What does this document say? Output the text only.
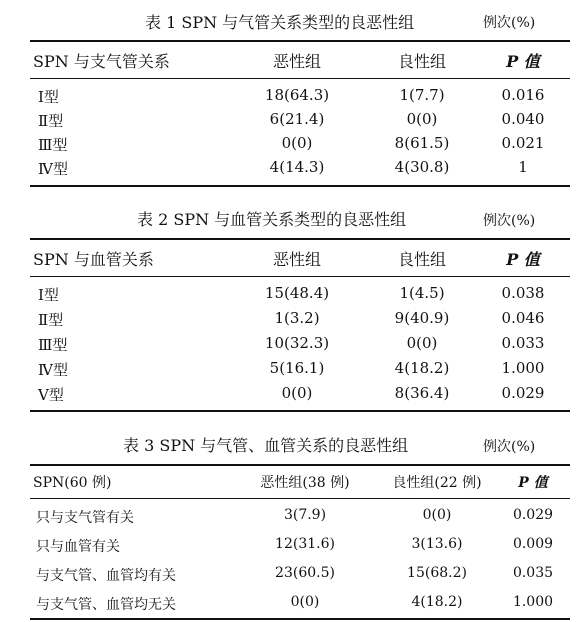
表 1 SPN 与气管关系类型的良恶性组	例次(%)
SPN 与支气管关系	恶性组	良性组	P 值
Ⅰ型	18(64.3)	1(7.7)	0.016
Ⅱ型	6(21.4)	0(0)	0.040
Ⅲ型	0(0)	8(61.5)	0.021
Ⅳ型	4(14.3)	4(30.8)	1
表 2 SPN 与血管关系类型的良恶性组	例次(%)
SPN 与血管关系	恶性组	良性组	P 值
Ⅰ型	15(48.4)	1(4.5)	0.038
Ⅱ型	1(3.2)	9(40.9)	0.046
Ⅲ型	10(32.3)	0(0)	0.033
Ⅳ型	5(16.1)	4(18.2)	1.000
Ⅴ型	0(0)	8(36.4)	0.029
表 3 SPN 与气管、血管关系的良恶性组	例次(%)
SPN(60 例)	恶性组(38 例)	良性组(22 例)	P 值
只与支气管有关	3(7.9)	0(0)	0.029
只与血管有关	12(31.6)	3(13.6)	0.009
与支气管、血管均有关	23(60.5)	15(68.2)	0.035
与支气管、血管均无关	0(0)	4(18.2)	1.000
